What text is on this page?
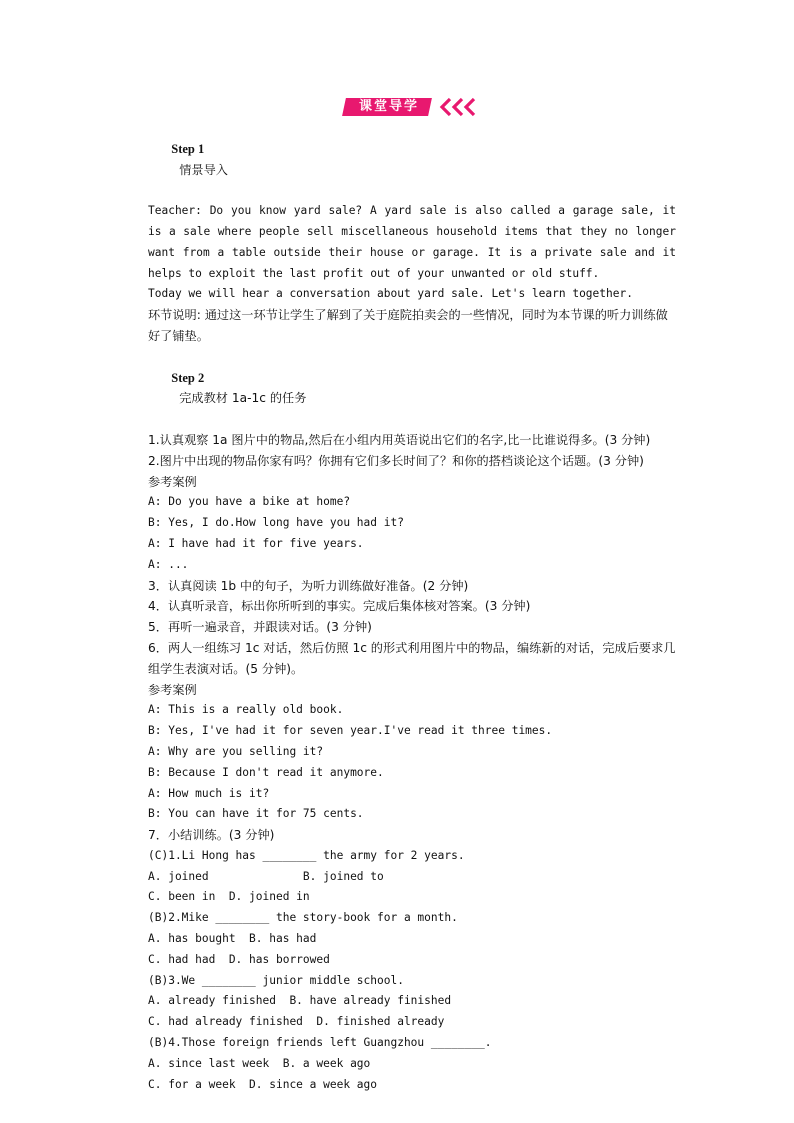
课堂导学

Step 1
情景导入

Teacher: Do you know yard sale? A yard sale is also called a garage sale, it is a sale where people sell miscellaneous household items that they no longer want from a table outside their house or garage. It is a private sale and it helps to exploit the last profit out of your unwanted or old stuff.
Today we will hear a conversation about yard sale. Let's learn together.
环节说明: 通过这一环节让学生了解到了关于庭院拍卖会的一些情况，同时为本节课的听力训练做好了铺垫。

Step 2
完成教材 1a-1c 的任务

1.认真观察 1a 图片中的物品,然后在小组内用英语说出它们的名字,比一比谁说得多。(3 分钟)
2.图片中出现的物品你家有吗？你拥有它们多长时间了？和你的搭档谈论这个话题。(3 分钟)
参考案例
A: Do you have a bike at home?
B: Yes, I do.How long have you had it?
A: I have had it for five years.
A: ...
3．认真阅读 1b 中的句子，为听力训练做好准备。(2 分钟)
4．认真听录音，标出你所听到的事实。完成后集体核对答案。(3 分钟)
5．再听一遍录音，并跟读对话。(3 分钟)
6．两人一组练习 1c 对话，然后仿照 1c 的形式利用图片中的物品，编练新的对话，完成后要求几组学生表演对话。(5 分钟)。
参考案例
A: This is a really old book.
B: Yes, I've had it for seven year.I've read it three times.
A: Why are you selling it?
B: Because I don't read it anymore.
A: How much is it?
B: You can have it for 75 cents.
7．小结训练。(3 分钟)
(C)1.Li Hong has ________ the army for 2 years.
A. joined              B. joined to
C. been in  D. joined in
(B)2.Mike ________ the story-book for a month.
A. has bought  B. has had
C. had had  D. has borrowed
(B)3.We ________ junior middle school.
A. already finished  B. have already finished
C. had already finished  D. finished already
(B)4.Those foreign friends left Guangzhou ________.
A. since last week  B. a week ago
C. for a week  D. since a week ago
